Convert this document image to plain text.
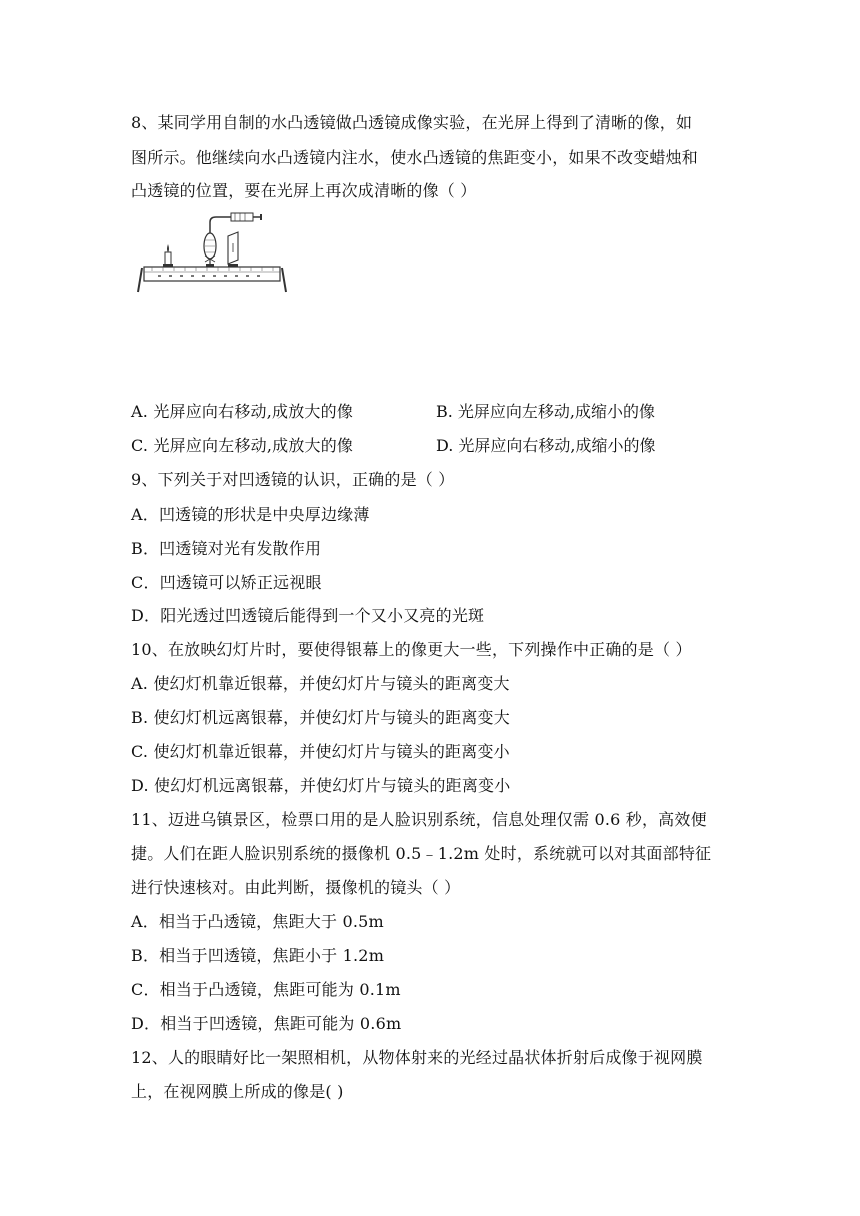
8、某同学用自制的水凸透镜做凸透镜成像实验，在光屏上得到了清晰的像，如
图所示。他继续向水凸透镜内注水，使水凸透镜的焦距变小，如果不改变蜡烛和
凸透镜的位置，要在光屏上再次成清晰的像（ ）
A. 光屏应向右移动,成放大的像	B. 光屏应向左移动,成缩小的像
C. 光屏应向左移动,成放大的像	D. 光屏应向右移动,成缩小的像
9、下列关于对凹透镜的认识，正确的是（ ）
A．凹透镜的形状是中央厚边缘薄
B．凹透镜对光有发散作用
C．凹透镜可以矫正远视眼
D．阳光透过凹透镜后能得到一个又小又亮的光斑
10、在放映幻灯片时，要使得银幕上的像更大一些，下列操作中正确的是（ ）
A. 使幻灯机靠近银幕，并使幻灯片与镜头的距离变大
B. 使幻灯机远离银幕，并使幻灯片与镜头的距离变大
C. 使幻灯机靠近银幕，并使幻灯片与镜头的距离变小
D. 使幻灯机远离银幕，并使幻灯片与镜头的距离变小
11、迈进乌镇景区，检票口用的是人脸识别系统，信息处理仅需 0.6 秒，高效便
捷。人们在距人脸识别系统的摄像机 0.5﹣1.2m 处时，系统就可以对其面部特征
进行快速核对。由此判断，摄像机的镜头（ ）
A．相当于凸透镜，焦距大于 0.5m
B．相当于凹透镜，焦距小于 1.2m
C．相当于凸透镜，焦距可能为 0.1m
D．相当于凹透镜，焦距可能为 0.6m
12、人的眼睛好比一架照相机，从物体射来的光经过晶状体折射后成像于视网膜
上，在视网膜上所成的像是( )
